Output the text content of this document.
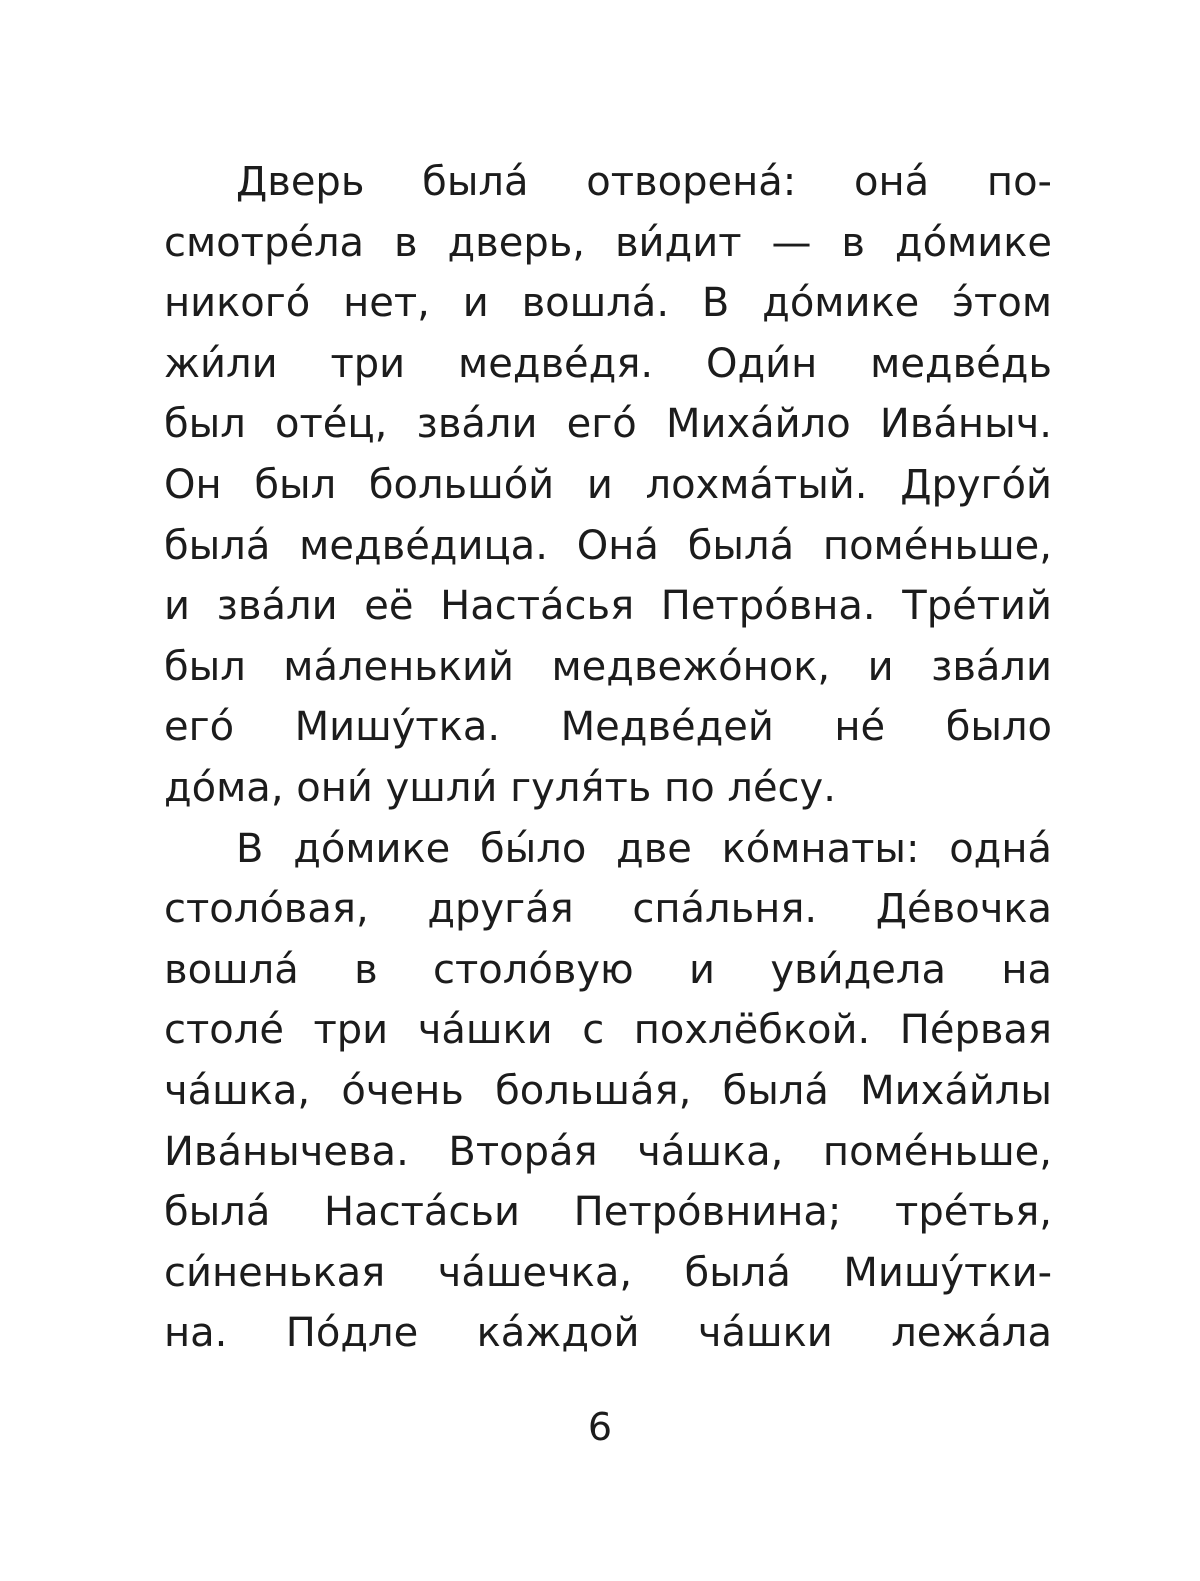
Дверь была́ отворена́: она́ по-
смотре́ла в дверь, ви́дит — в до́мике
никого́ нет, и вошла́. В до́мике э́том
жи́ли три медве́дя. Оди́н медве́дь
был оте́ц, зва́ли его́ Миха́йло Ива́ныч.
Он был большо́й и лохма́тый. Друго́й
была́ медве́дица. Она́ была́ поме́ньше,
и зва́ли её Наста́сья Петро́вна. Тре́тий
был ма́ленький медвежо́нок, и зва́ли
его́ Мишу́тка. Медве́дей не́ было
до́ма, они́ ушли́ гуля́ть по ле́су.
В до́мике бы́ло две ко́мнаты: одна́
столо́вая, друга́я спа́льня. Де́вочка
вошла́ в столо́вую и уви́дела на
столе́ три ча́шки с похлёбкой. Пе́рвая
ча́шка, о́чень больша́я, была́ Миха́йлы
Ива́нычева. Втора́я ча́шка, поме́ньше,
была́ Наста́сьи Петро́внина; тре́тья,
си́ненькая ча́шечка, была́ Мишу́тки-
на. По́дле ка́ждой ча́шки лежа́ла
6
